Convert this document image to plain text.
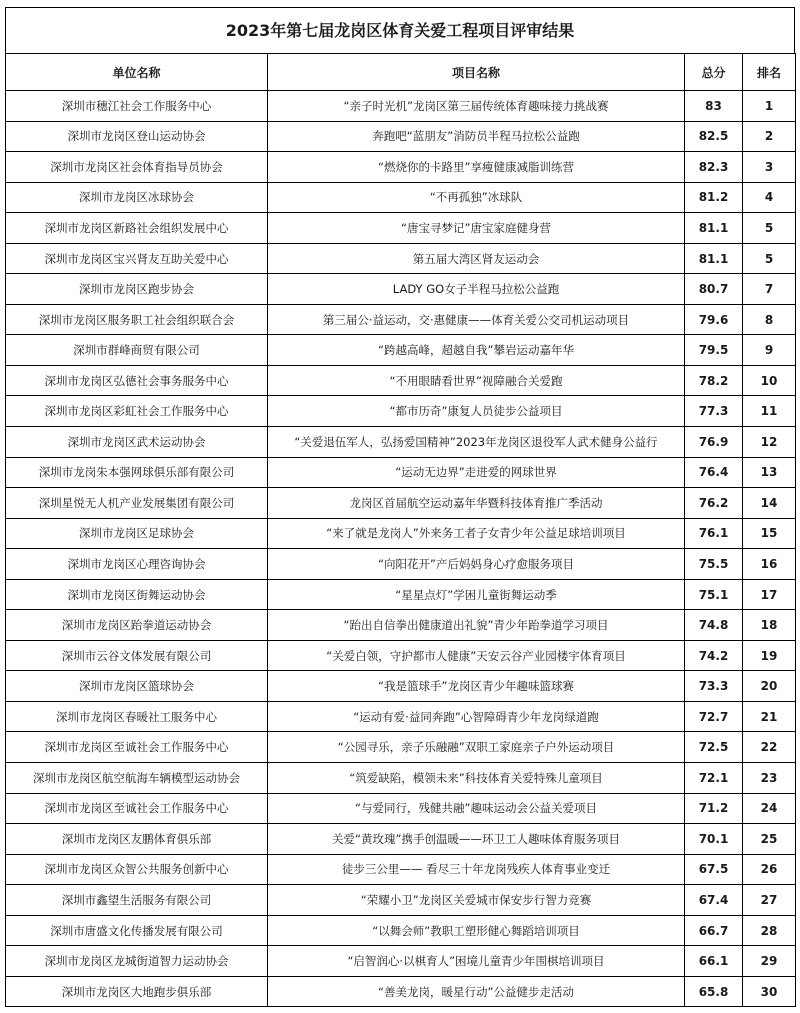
2023年第七届龙岗区体育关爱工程项目评审结果
单位名称	项目名称	总分	排名
深圳市穗江社会工作服务中心	“亲子时光机”龙岗区第三届传统体育趣味接力挑战赛	83	1
深圳市龙岗区登山运动协会	奔跑吧“蓝朋友”消防员半程马拉松公益跑	82.5	2
深圳市龙岗区社会体育指导员协会	“燃烧你的卡路里”享瘦健康减脂训练营	82.3	3
深圳市龙岗区冰球协会	“不再孤独”冰球队	81.2	4
深圳市龙岗区新路社会组织发展中心	“唐宝寻梦记”唐宝家庭健身营	81.1	5
深圳市龙岗区宝兴肾友互助关爱中心	第五届大湾区肾友运动会	81.1	5
深圳市龙岗区跑步协会	LADY GO女子半程马拉松公益跑	80.7	7
深圳市龙岗区服务职工社会组织联合会	第三届公·益运动，交·惠健康——体育关爱公交司机运动项目	79.6	8
深圳市群峰商贸有限公司	“跨越高峰，超越自我”攀岩运动嘉年华	79.5	9
深圳市龙岗区弘德社会事务服务中心	“不用眼睛看世界”视障融合关爱跑	78.2	10
深圳市龙岗区彩虹社会工作服务中心	“都市历奇”康复人员徒步公益项目	77.3	11
深圳市龙岗区武术运动协会	“关爱退伍军人，弘扬爱国精神”2023年龙岗区退役军人武术健身公益行	76.9	12
深圳市龙岗朱本强网球俱乐部有限公司	“运动无边界”走进爱的网球世界	76.4	13
深圳星悦无人机产业发展集团有限公司	龙岗区首届航空运动嘉年华暨科技体育推广季活动	76.2	14
深圳市龙岗区足球协会	“来了就是龙岗人”外来务工者子女青少年公益足球培训项目	76.1	15
深圳市龙岗区心理咨询协会	“向阳花开”产后妈妈身心疗愈服务项目	75.5	16
深圳市龙岗区街舞运动协会	“星星点灯”学困儿童街舞运动季	75.1	17
深圳市龙岗区跆拳道运动协会	“跆出自信拳出健康道出礼貌”青少年跆拳道学习项目	74.8	18
深圳市云谷文体发展有限公司	“关爱白领，守护都市人健康”天安云谷产业园楼宇体育项目	74.2	19
深圳市龙岗区篮球协会	“我是篮球手”龙岗区青少年趣味篮球赛	73.3	20
深圳市龙岗区春暖社工服务中心	“运动有爱·益同奔跑”心智障碍青少年龙岗绿道跑	72.7	21
深圳市龙岗区至诚社会工作服务中心	“公园寻乐，亲子乐融融”双职工家庭亲子户外运动项目	72.5	22
深圳市龙岗区航空航海车辆模型运动协会	“筑爱缺陷，模领未来”科技体育关爱特殊儿童项目	72.1	23
深圳市龙岗区至诚社会工作服务中心	“与爱同行，残健共融”趣味运动会公益关爱项目	71.2	24
深圳市龙岗区友鹏体育俱乐部	关爱“黄玫瑰”携手创温暖——环卫工人趣味体育服务项目	70.1	25
深圳市龙岗区众智公共服务创新中心	徒步三公里—— 看尽三十年龙岗残疾人体育事业变迁	67.5	26
深圳市鑫望生活服务有限公司	“荣耀小卫”龙岗区关爱城市保安步行智力竞赛	67.4	27
深圳市唐盛文化传播发展有限公司	“以舞会师”教职工塑形健心舞蹈培训项目	66.7	28
深圳市龙岗区龙城街道智力运动协会	“启智润心·以棋育人”困境儿童青少年围棋培训项目	66.1	29
深圳市龙岗区大地跑步俱乐部	“善美龙岗，暖星行动”公益健步走活动	65.8	30
